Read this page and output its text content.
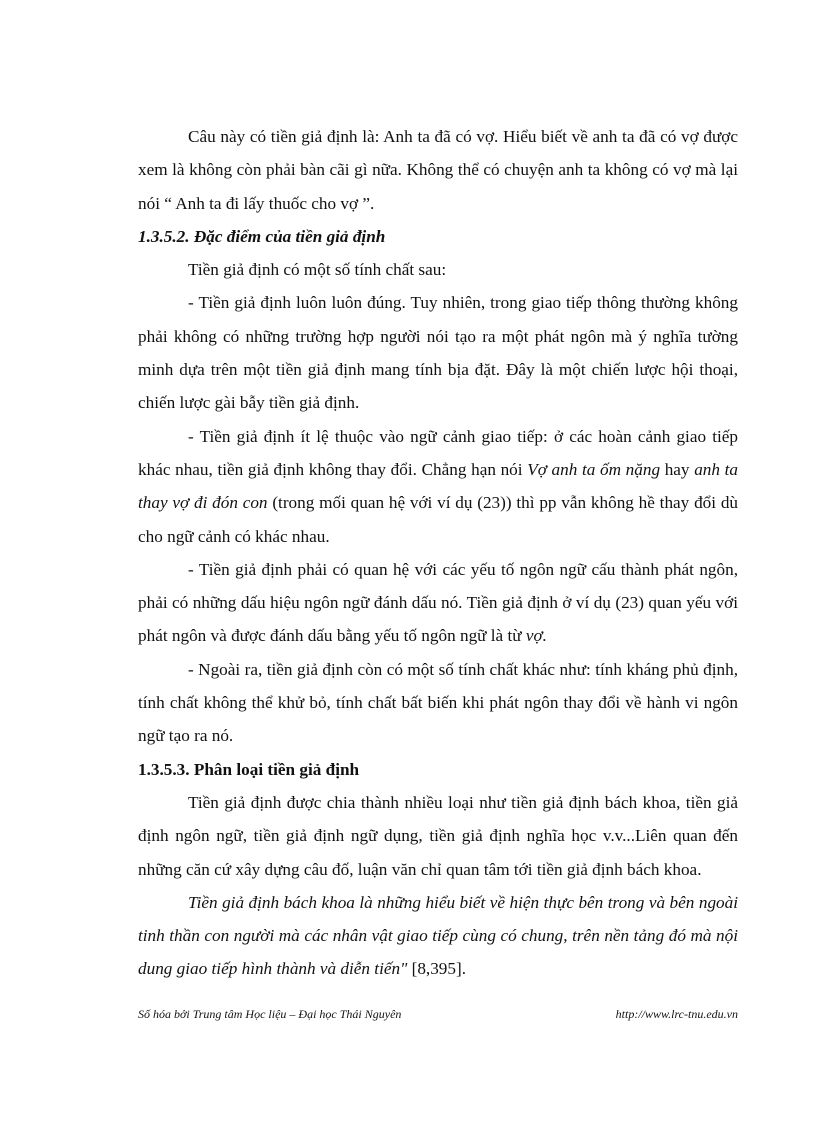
Câu này có tiền giả định là: Anh ta đã có vợ. Hiểu biết về anh ta đã có vợ được xem là không còn phải bàn cãi gì nữa. Không thể có chuyện anh ta không có vợ mà lại nói “ Anh ta đi lấy thuốc cho vợ ”.

1.3.5.2. Đặc điểm của tiền giả định

Tiền giả định có một số tính chất sau:

- Tiền giả định luôn luôn đúng. Tuy nhiên, trong giao tiếp thông thường không phải không có những trường hợp người nói tạo ra một phát ngôn mà ý nghĩa tường minh dựa trên một tiền giả định mang tính bịa đặt. Đây là một chiến lược hội thoại, chiến lược gài bẫy tiền giả định.

- Tiền giả định ít lệ thuộc vào ngữ cảnh giao tiếp: ở các hoàn cảnh giao tiếp khác nhau, tiền giả định không thay đổi. Chẳng hạn nói Vợ anh ta ốm nặng hay anh ta thay vợ đi đón con (trong mối quan hệ với ví dụ (23)) thì pp vẫn không hề thay đổi dù cho ngữ cảnh có khác nhau.

- Tiền giả định phải có quan hệ với các yếu tố ngôn ngữ cấu thành phát ngôn, phải có những dấu hiệu ngôn ngữ đánh dấu nó. Tiền giả định ở ví dụ (23) quan yếu với phát ngôn và được đánh dấu bằng yếu tố ngôn ngữ là từ vợ.

- Ngoài ra, tiền giả định còn có một số tính chất khác như: tính kháng phủ định, tính chất không thể khử bỏ, tính chất bất biến khi phát ngôn thay đổi về hành vi ngôn ngữ tạo ra nó.

1.3.5.3. Phân loại tiền giả định

Tiền giả định được chia thành nhiều loại như tiền giả định bách khoa, tiền giả định ngôn ngữ, tiền giả định ngữ dụng, tiền giả định nghĩa học v.v...Liên quan đến những căn cứ xây dựng câu đố, luận văn chỉ quan tâm tới tiền giả định bách khoa.

Tiền giả định bách khoa là những hiểu biết về hiện thực bên trong và bên ngoài tinh thần con người mà các nhân vật giao tiếp cùng có chung, trên nền tảng đó mà nội dung giao tiếp hình thành và diễn tiến" [8,395].

Số hóa bởi Trung tâm Học liệu – Đại học Thái Nguyên	http://www.lrc-tnu.edu.vn
